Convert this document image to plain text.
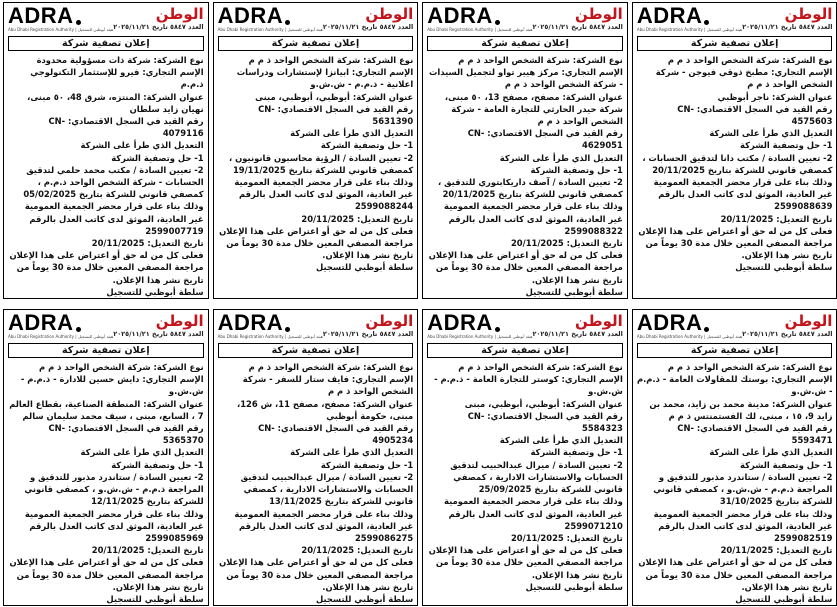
ADRA
Abu Dhabi Registration Authority | هيئة أبوظبي للتسجيل
الوطن
العدد ٥٨٤٧ تاريخ ٢٠٢٥/١١/٢١
إعلان تصفية شركة

نوع الشركة: شركة ذات مسؤولية محدودة

الإسم التجاري: فيرو للإستثمار التكنولوجي ذ.م.م

عنوان الشركة: المنتزه، شرق 48، ٥٠ مبنى، نهيان زايد سلطان

رقم القيد في السجل الاقتصادي: CN-4079116

التعديل الذي طرأ على الشركة

1- حل وتصفية الشركة

2- تعيين السادة / مكتب محمد حلمي لتدقيق الحسابات - شركة الشخص الواحد ذ.م.م ، كمصفي قانوني للشركة بتاريخ 05/02/2025

وذلك بناء على قرار محضر الجمعية العمومية غير العادية، الموثق لدى كاتب العدل بالرقم 2599007719

تاريخ التعديل: 20/11/2025

فعلى كل من له حق أو اعتراض على هذا الإعلان مراجعة المصفي المعين خلال مدة 30 يوماً من تاريخ نشر هذا الإعلان.

سلطة أبوظبي للتسجيل

ADRA
Abu Dhabi Registration Authority | هيئة أبوظبي للتسجيل
الوطن
العدد ٥٨٤٧ تاريخ ٢٠٢٥/١١/٢١
إعلان تصفية شركة

نوع الشركة: شركة الشخص الواحد ذ م م

الإسم التجاري: ابيانزا لإستشارات ودراسات اعلانية - ذ.م.م - ش.ش.و

عنوان الشركة: أبوظبي، أبوظبي، مبنى

رقم القيد في السجل الاقتصادي: CN-5631390

التعديل الذي طرأ على الشركة

1- حل وتصفية الشركة

2- تعيين السادة / الرؤية محاسبون قانونيون ، كمصفي قانوني للشركة بتاريخ 19/11/2025

وذلك بناء على قرار محضر الجمعية العمومية غير العادية، الموثق لدى كاتب العدل بالرقم 2599088244

تاريخ التعديل: 20/11/2025

فعلى كل من له حق أو اعتراض على هذا الإعلان مراجعة المصفي المعين خلال مدة 30 يوماً من تاريخ نشر هذا الإعلان.

سلطة أبوظبي للتسجيل

ADRA
Abu Dhabi Registration Authority | هيئة أبوظبي للتسجيل
الوطن
العدد ٥٨٤٧ تاريخ ٢٠٢٥/١١/٢١
إعلان تصفية شركة

نوع الشركة: شركة الشخص الواحد ذ م م

الإسم التجاري: مركز هيير تواو لتجميل السيدات - شركة الشخص الواحد ذ م م

عنوان الشركة: مصفح، مصفح 13، ٥٠ مبنى، شركة حيدر الحارثي للتجارة العامة - شركة الشخص الواحد ذ م م

رقم القيد في السجل الاقتصادي: CN-4629051

التعديل الذي طرأ على الشركة

1- حل وتصفية الشركة

2- تعيين السادة / آصف داريكابتوري للتدقيق ، كمصفي قانوني للشركة بتاريخ 20/11/2025

وذلك بناء على قرار محضر الجمعية العمومية غير العادية، الموثق لدى كاتب العدل بالرقم 2599088322

تاريخ التعديل: 20/11/2025

فعلى كل من له حق أو اعتراض على هذا الإعلان مراجعة المصفي المعين خلال مدة 30 يوماً من تاريخ نشر هذا الإعلان.

سلطة أبوظبي للتسجيل

ADRA
Abu Dhabi Registration Authority | هيئة أبوظبي للتسجيل
الوطن
العدد ٥٨٤٧ تاريخ ٢٠٢٥/١١/٢١
إعلان تصفية شركة

نوع الشركة: شركة الشخص الواحد ذ م م

الإسم التجاري: مطبخ ذوقي فيوجن - شركة الشخص الواحد ذ م م

عنوان الشركة: ناجر أبوظبي

رقم القيد في السجل الاقتصادي: CN-4575603

التعديل الذي طرأ على الشركة

1- حل وتصفية الشركة

2- تعيين السادة / مكتب دانا لتدقيق الحسابات ، كمصفي قانوني للشركة بتاريخ 20/11/2025

وذلك بناء على قرار محضر الجمعية العمومية غير العادية، الموثق لدى كاتب العدل بالرقم 2599088639

تاريخ التعديل: 20/11/2025

فعلى كل من له حق أو اعتراض على هذا الإعلان مراجعة المصفي المعين خلال مدة 30 يوماً من تاريخ نشر هذا الإعلان.

سلطة أبوظبي للتسجيل

ADRA
Abu Dhabi Registration Authority | هيئة أبوظبي للتسجيل
الوطن
العدد ٥٨٤٧ تاريخ ٢٠٢٥/١١/٢١
إعلان تصفية شركة

نوع الشركة: شركة الشخص الواحد ذ م م

الإسم التجاري: دايش حسين للادارة - ذ.م.م - ش.ش.و

عنوان الشركة: المنطقة الصناعية، بقطاع العالم 7 ، السابع، مبنى ، سيف محمد سليمان سالم

رقم القيد في السجل الاقتصادي: CN-5365370

التعديل الذي طرأ على الشركة

1- حل وتصفية الشركة

2- تعيين السادة / ستاندرد مذبور للتدقيق و المراجعة ذ.م.م - ش.ش.و ، كمصفي قانوني للشركة بتاريخ 12/11/2025

وذلك بناء على قرار محضر الجمعية العمومية غير العادية، الموثق لدى كاتب العدل بالرقم 2599085969

تاريخ التعديل: 20/11/2025

فعلى كل من له حق أو اعتراض على هذا الإعلان مراجعة المصفي المعين خلال مدة 30 يوماً من تاريخ نشر هذا الإعلان.

سلطة أبوظبي للتسجيل

ADRA
Abu Dhabi Registration Authority | هيئة أبوظبي للتسجيل
الوطن
العدد ٥٨٤٧ تاريخ ٢٠٢٥/١١/٢١
إعلان تصفية شركة

نوع الشركة: شركة الشخص الواحد ذ م م

الإسم التجاري: فايف ستار للسفر - شركة الشخص الواحد ذ م م

عنوان الشركة: مصفح، مصفح 11، ش 126، مبنى، حكومة أبوظبي

رقم القيد في السجل الاقتصادي: CN-4905234

التعديل الذي طرأ على الشركة

1- حل وتصفية الشركة

2- تعيين السادة / ميرال عبدالحبيب لتدقيق الحسابات والاستشارات الادارية ، كمصفي قانوني للشركة بتاريخ 13/11/2025

وذلك بناء على قرار محضر الجمعية العمومية غير العادية، الموثق لدى كاتب العدل بالرقم 2599086275

تاريخ التعديل: 20/11/2025

فعلى كل من له حق أو اعتراض على هذا الإعلان مراجعة المصفي المعين خلال مدة 30 يوماً من تاريخ نشر هذا الإعلان.

سلطة أبوظبي للتسجيل

ADRA
Abu Dhabi Registration Authority | هيئة أبوظبي للتسجيل
الوطن
العدد ٥٨٤٧ تاريخ ٢٠٢٥/١١/٢١
إعلان تصفية شركة

نوع الشركة: شركة الشخص الواحد ذ م م

الإسم التجاري: كوستر للتجارة العامة - ذ.م.م - ش.ش.و

عنوان الشركة: أبوظبي، أبوظبي، مبنى

رقم القيد في السجل الاقتصادي: CN-5584323

التعديل الذي طرأ على الشركة

1- حل وتصفية الشركة

2- تعيين السادة / ميرال عبدالحبيب لتدقيق الحسابات والاستشارات الادارية ، كمصفي قانوني للشركة بتاريخ 25/09/2025

وذلك بناء على قرار محضر الجمعية العمومية غير العادية، الموثق لدى كاتب العدل بالرقم 2599071210

تاريخ التعديل: 20/11/2025

فعلى كل من له حق أو اعتراض على هذا الإعلان مراجعة المصفي المعين خلال مدة 30 يوماً من تاريخ نشر هذا الإعلان.

سلطة أبوظبي للتسجيل

ADRA
Abu Dhabi Registration Authority | هيئة أبوظبي للتسجيل
الوطن
العدد ٥٨٤٧ تاريخ ٢٠٢٥/١١/٢١
إعلان تصفية شركة

نوع الشركة: شركة الشخص الواحد ذ م م

الإسم التجاري: بوستك للمقاولات العامة - ذ.م.م - ش.ش.و

عنوان الشركة: مدينة محمد بن زايد، محمد بن زايد 9، ١٥ ، مبنى، لك الفستمنتس ذ م م

رقم القيد في السجل الاقتصادي: CN-5593471

التعديل الذي طرأ على الشركة

1- حل وتصفية الشركة

2- تعيين السادة / ستاندرد مذبور للتدقيق و المراجعة ذ.م.م - ش.ش.و ، كمصفي قانوني للشركة بتاريخ 31/10/2025

وذلك بناء على قرار محضر الجمعية العمومية غير العادية، الموثق لدى كاتب العدل بالرقم 2599082519

تاريخ التعديل: 20/11/2025

فعلى كل من له حق أو اعتراض على هذا الإعلان مراجعة المصفي المعين خلال مدة 30 يوماً من تاريخ نشر هذا الإعلان.

سلطة أبوظبي للتسجيل
